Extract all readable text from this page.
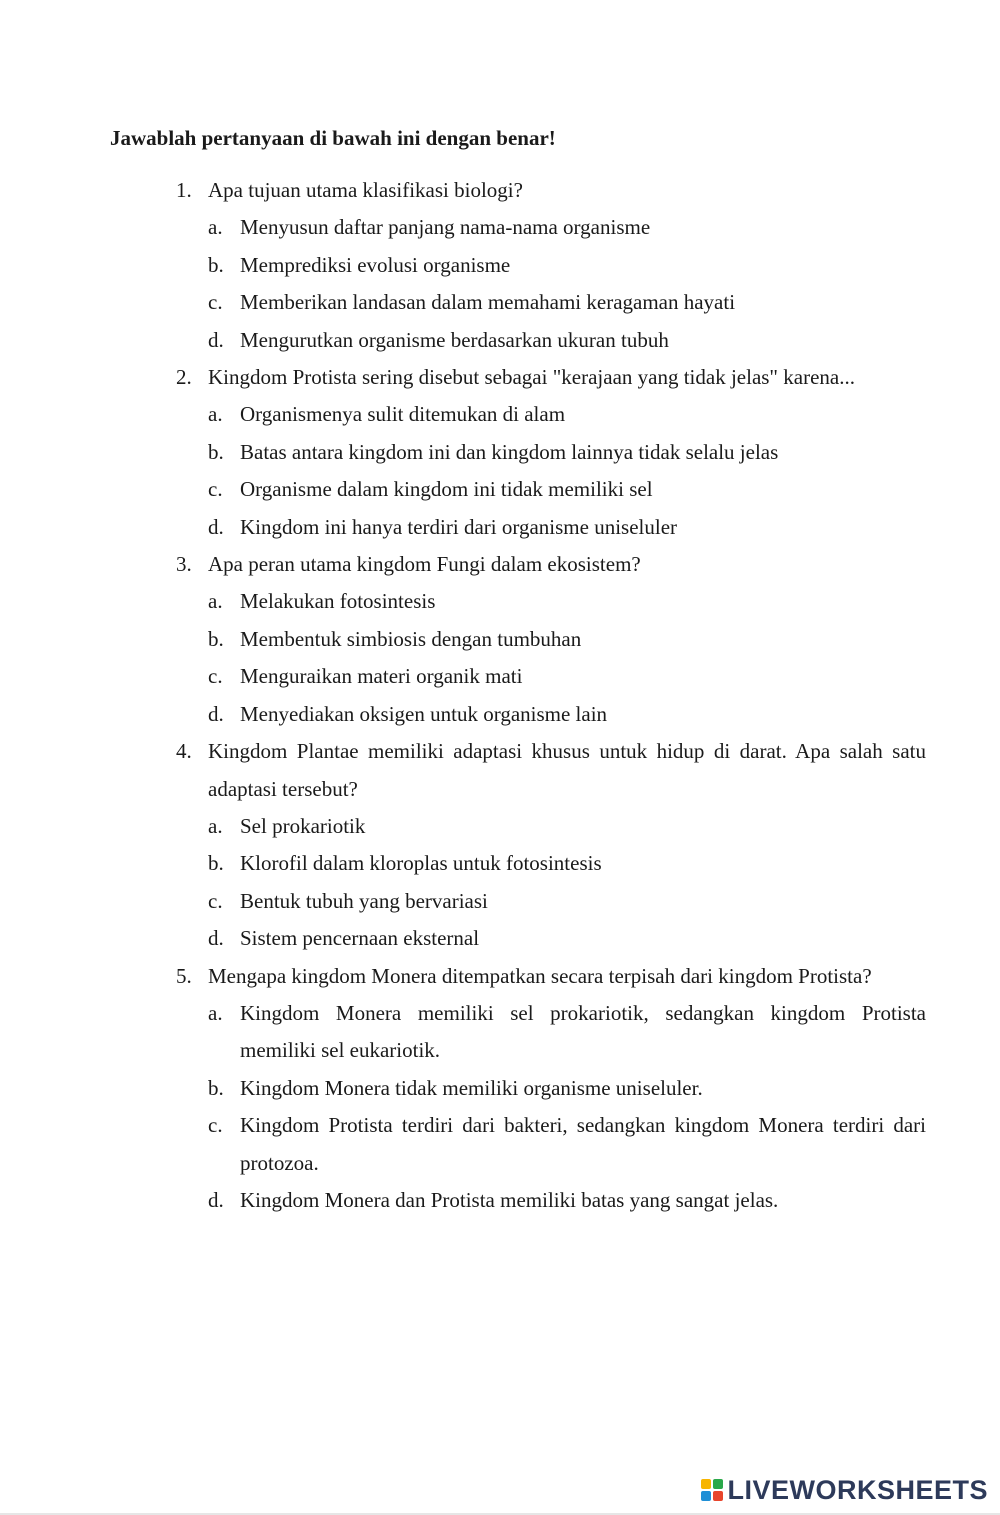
Jawablah pertanyaan di bawah ini dengan benar!
1. Apa tujuan utama klasifikasi biologi?
a. Menyusun daftar panjang nama-nama organisme
b. Memprediksi evolusi organisme
c. Memberikan landasan dalam memahami keragaman hayati
d. Mengurutkan organisme berdasarkan ukuran tubuh
2. Kingdom Protista sering disebut sebagai "kerajaan yang tidak jelas" karena...
a. Organismenya sulit ditemukan di alam
b. Batas antara kingdom ini dan kingdom lainnya tidak selalu jelas
c. Organisme dalam kingdom ini tidak memiliki sel
d. Kingdom ini hanya terdiri dari organisme uniseluler
3. Apa peran utama kingdom Fungi dalam ekosistem?
a. Melakukan fotosintesis
b. Membentuk simbiosis dengan tumbuhan
c. Menguraikan materi organik mati
d. Menyediakan oksigen untuk organisme lain
4. Kingdom Plantae memiliki adaptasi khusus untuk hidup di darat. Apa salah satu adaptasi tersebut?
a. Sel prokariotik
b. Klorofil dalam kloroplas untuk fotosintesis
c. Bentuk tubuh yang bervariasi
d. Sistem pencernaan eksternal
5. Mengapa kingdom Monera ditempatkan secara terpisah dari kingdom Protista?
a. Kingdom Monera memiliki sel prokariotik, sedangkan kingdom Protista memiliki sel eukariotik.
b. Kingdom Monera tidak memiliki organisme uniseluler.
c. Kingdom Protista terdiri dari bakteri, sedangkan kingdom Monera terdiri dari protozoa.
d. Kingdom Monera dan Protista memiliki batas yang sangat jelas.
LIVEWORKSHEETS
